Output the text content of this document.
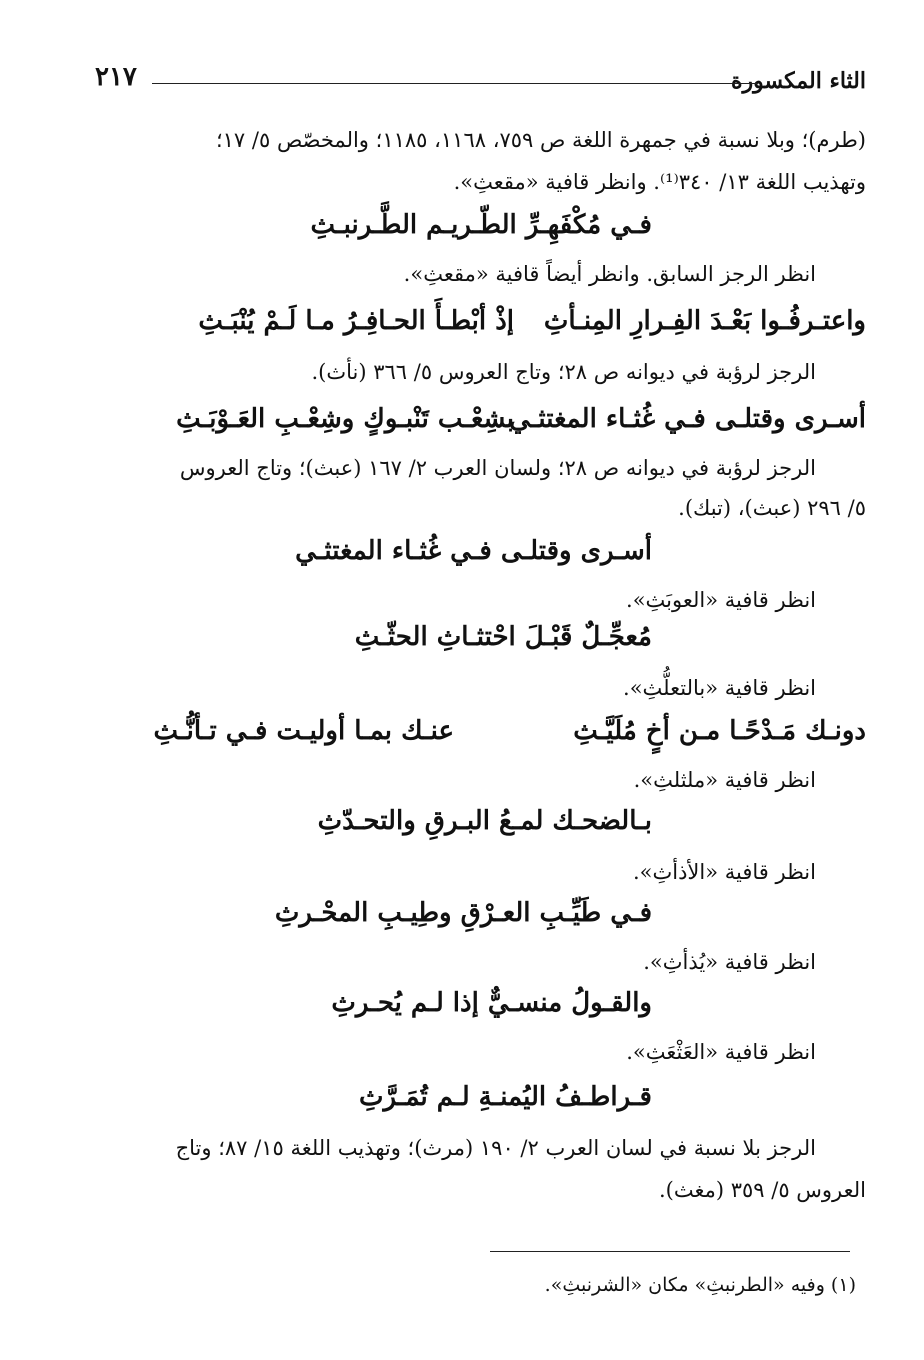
الثاء المكسورة
٢١٧
(طرم)؛ وبلا نسبة في جمهرة اللغة ص ٧٥٩، ١١٦٨، ١١٨٥؛ والمخصّص ٥/ ١٧؛
وتهذيب اللغة ١٣/ ٣٤٠⁽¹⁾. وانظر قافية «مقعثِ».
فـي مُكْفَهِـرِّ الطّـريـم الطَّـرنبـثِ
انظر الرجز السابق. وانظر أيضاً قافية «مقعثِ».
واعتـرفُـوا بَعْـدَ الفِـرارِ المِنـأثِ
إذْ أبْطـأَ الحـافِـرُ مـا لَـمْ يُنْبَـثِ
الرجز لرؤبة في ديوانه ص ٢٨؛ وتاج العروس ٥/ ٣٦٦ (نأث).
أسـرى وقتلـى فـي غُثـاء المغتثـي
بشِعْـب تَنْبـوكٍ وشِعْـبِ العَـوْبَـثِ
الرجز لرؤبة في ديوانه ص ٢٨؛ ولسان العرب ٢/ ١٦٧ (عبث)؛ وتاج العروس
٥/ ٢٩٦ (عبث)، (تبك).
أسـرى وقتلـى فـي غُثـاء المغتثـي
انظر قافية «العوبَثِ».
مُعجِّـلٌ قَبْـلَ احْتثـاثِ الحثّـثِ
انظر قافية «بالتعلُّثِ».
دونـك مَـدْحًـا مـن أخٍ مُلَيَّـثِ
عنـك بمـا أوليـت فـي تـأنُّـثِ
انظر قافية «ملثلثِ».
بـالضحـك لمـعُ البـرقِ والتحـدّثِ
انظر قافية «الأذأثِ».
فـي طَيِّـبِ العـرْقِ وطِيـبِ المحْـرثِ
انظر قافية «يُذأثِ».
والقـولُ منسـيٌّ إذا لـم يُحـرثِ
انظر قافية «العَثْعَثِ».
قـراطـفُ اليُمنـةِ لـم تُمَـرَّثِ
الرجز بلا نسبة في لسان العرب ٢/ ١٩٠ (مرث)؛ وتهذيب اللغة ١٥/ ٨٧؛ وتاج
العروس ٥/ ٣٥٩ (مغث).
(١) وفيه «الطرنبثِ» مكان «الشرنبثِ».
